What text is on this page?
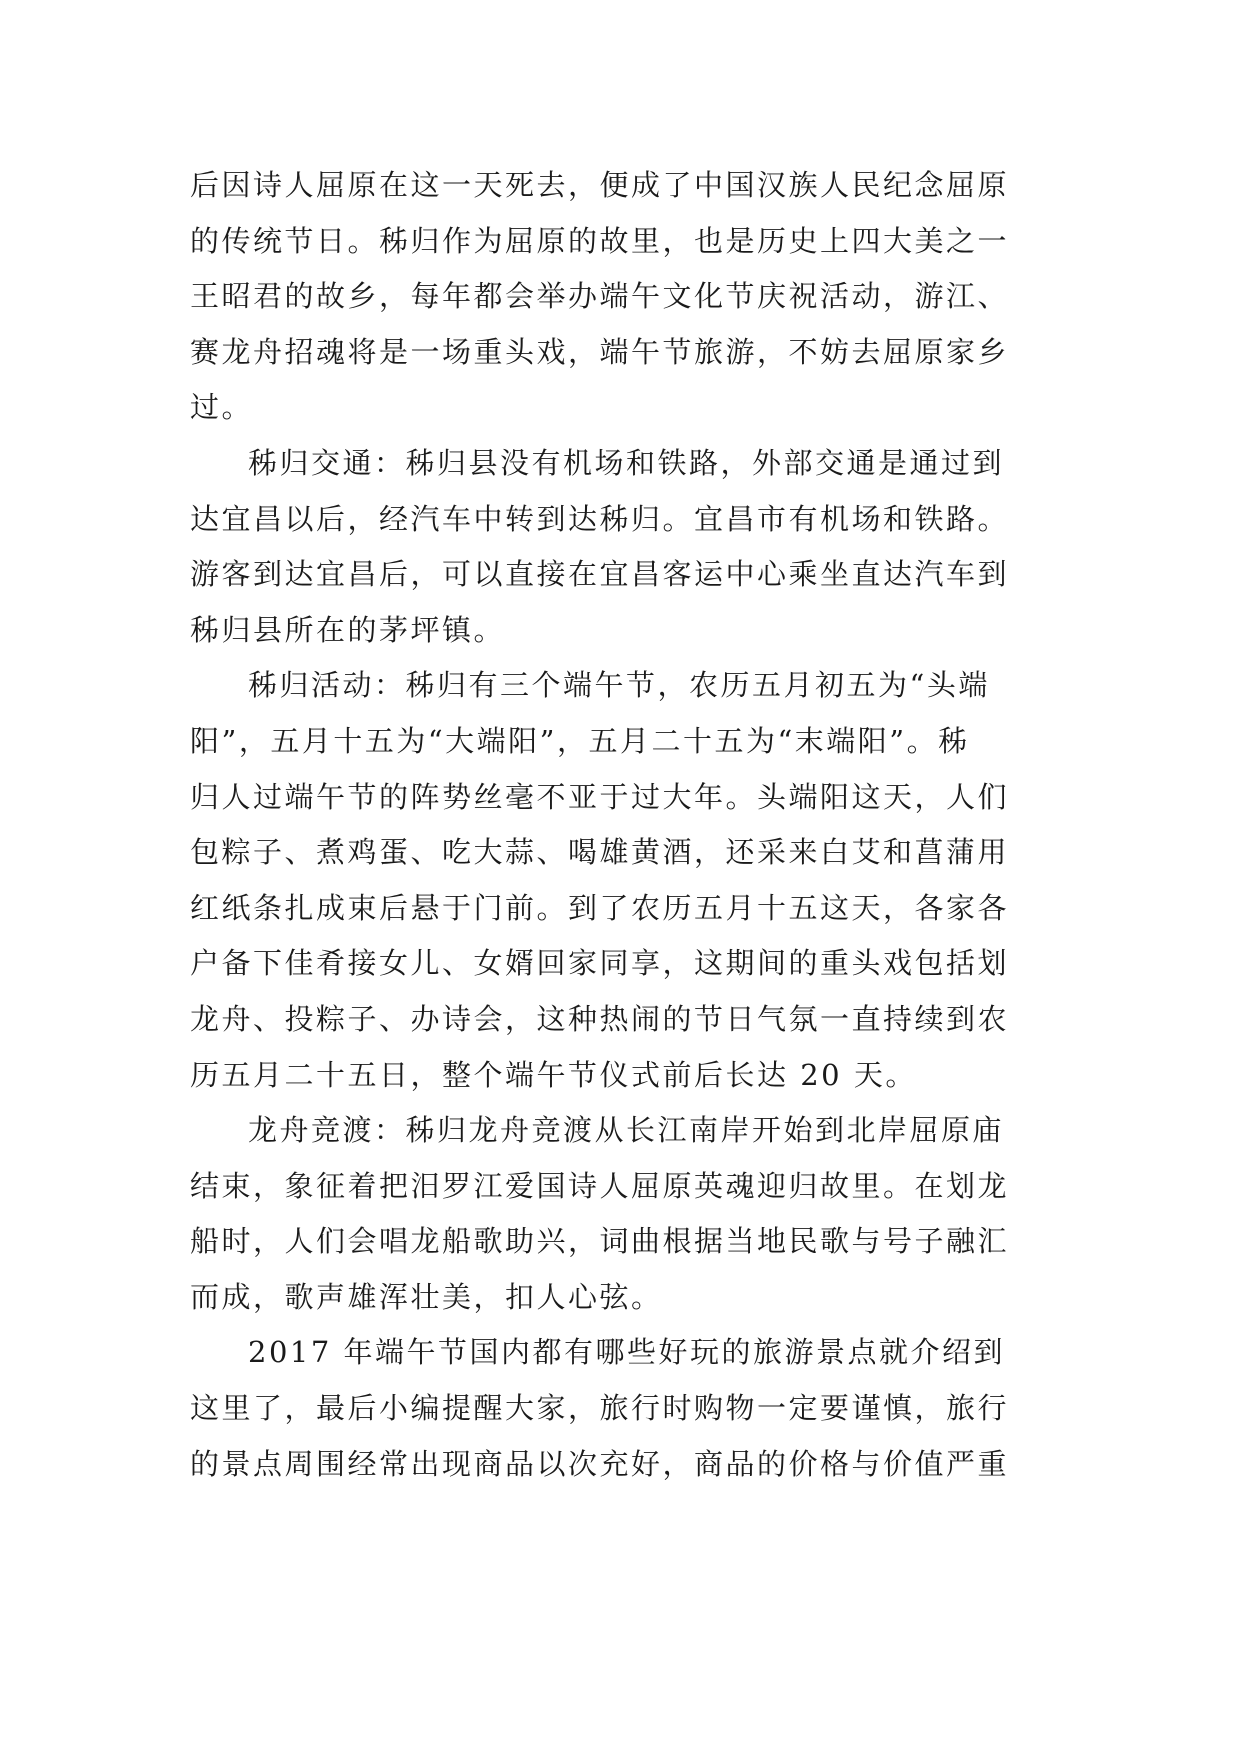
后因诗人屈原在这一天死去，便成了中国汉族人民纪念屈原
的传统节日。秭归作为屈原的故里，也是历史上四大美之一
王昭君的故乡，每年都会举办端午文化节庆祝活动，游江、
赛龙舟招魂将是一场重头戏，端午节旅游，不妨去屈原家乡
过。
秭归交通：秭归县没有机场和铁路，外部交通是通过到
达宜昌以后，经汽车中转到达秭归。宜昌市有机场和铁路。
游客到达宜昌后，可以直接在宜昌客运中心乘坐直达汽车到
秭归县所在的茅坪镇。
秭归活动：秭归有三个端午节，农历五月初五为“头端
阳”，五月十五为“大端阳”，五月二十五为“末端阳”。秭
归人过端午节的阵势丝毫不亚于过大年。头端阳这天，人们
包粽子、煮鸡蛋、吃大蒜、喝雄黄酒，还采来白艾和菖蒲用
红纸条扎成束后悬于门前。到了农历五月十五这天，各家各
户备下佳肴接女儿、女婿回家同享，这期间的重头戏包括划
龙舟、投粽子、办诗会，这种热闹的节日气氛一直持续到农
历五月二十五日，整个端午节仪式前后长达 20 天。
龙舟竞渡：秭归龙舟竞渡从长江南岸开始到北岸屈原庙
结束，象征着把汨罗江爱国诗人屈原英魂迎归故里。在划龙
船时，人们会唱龙船歌助兴，词曲根据当地民歌与号子融汇
而成，歌声雄浑壮美，扣人心弦。
2017 年端午节国内都有哪些好玩的旅游景点就介绍到
这里了，最后小编提醒大家，旅行时购物一定要谨慎，旅行
的景点周围经常出现商品以次充好，商品的价格与价值严重
